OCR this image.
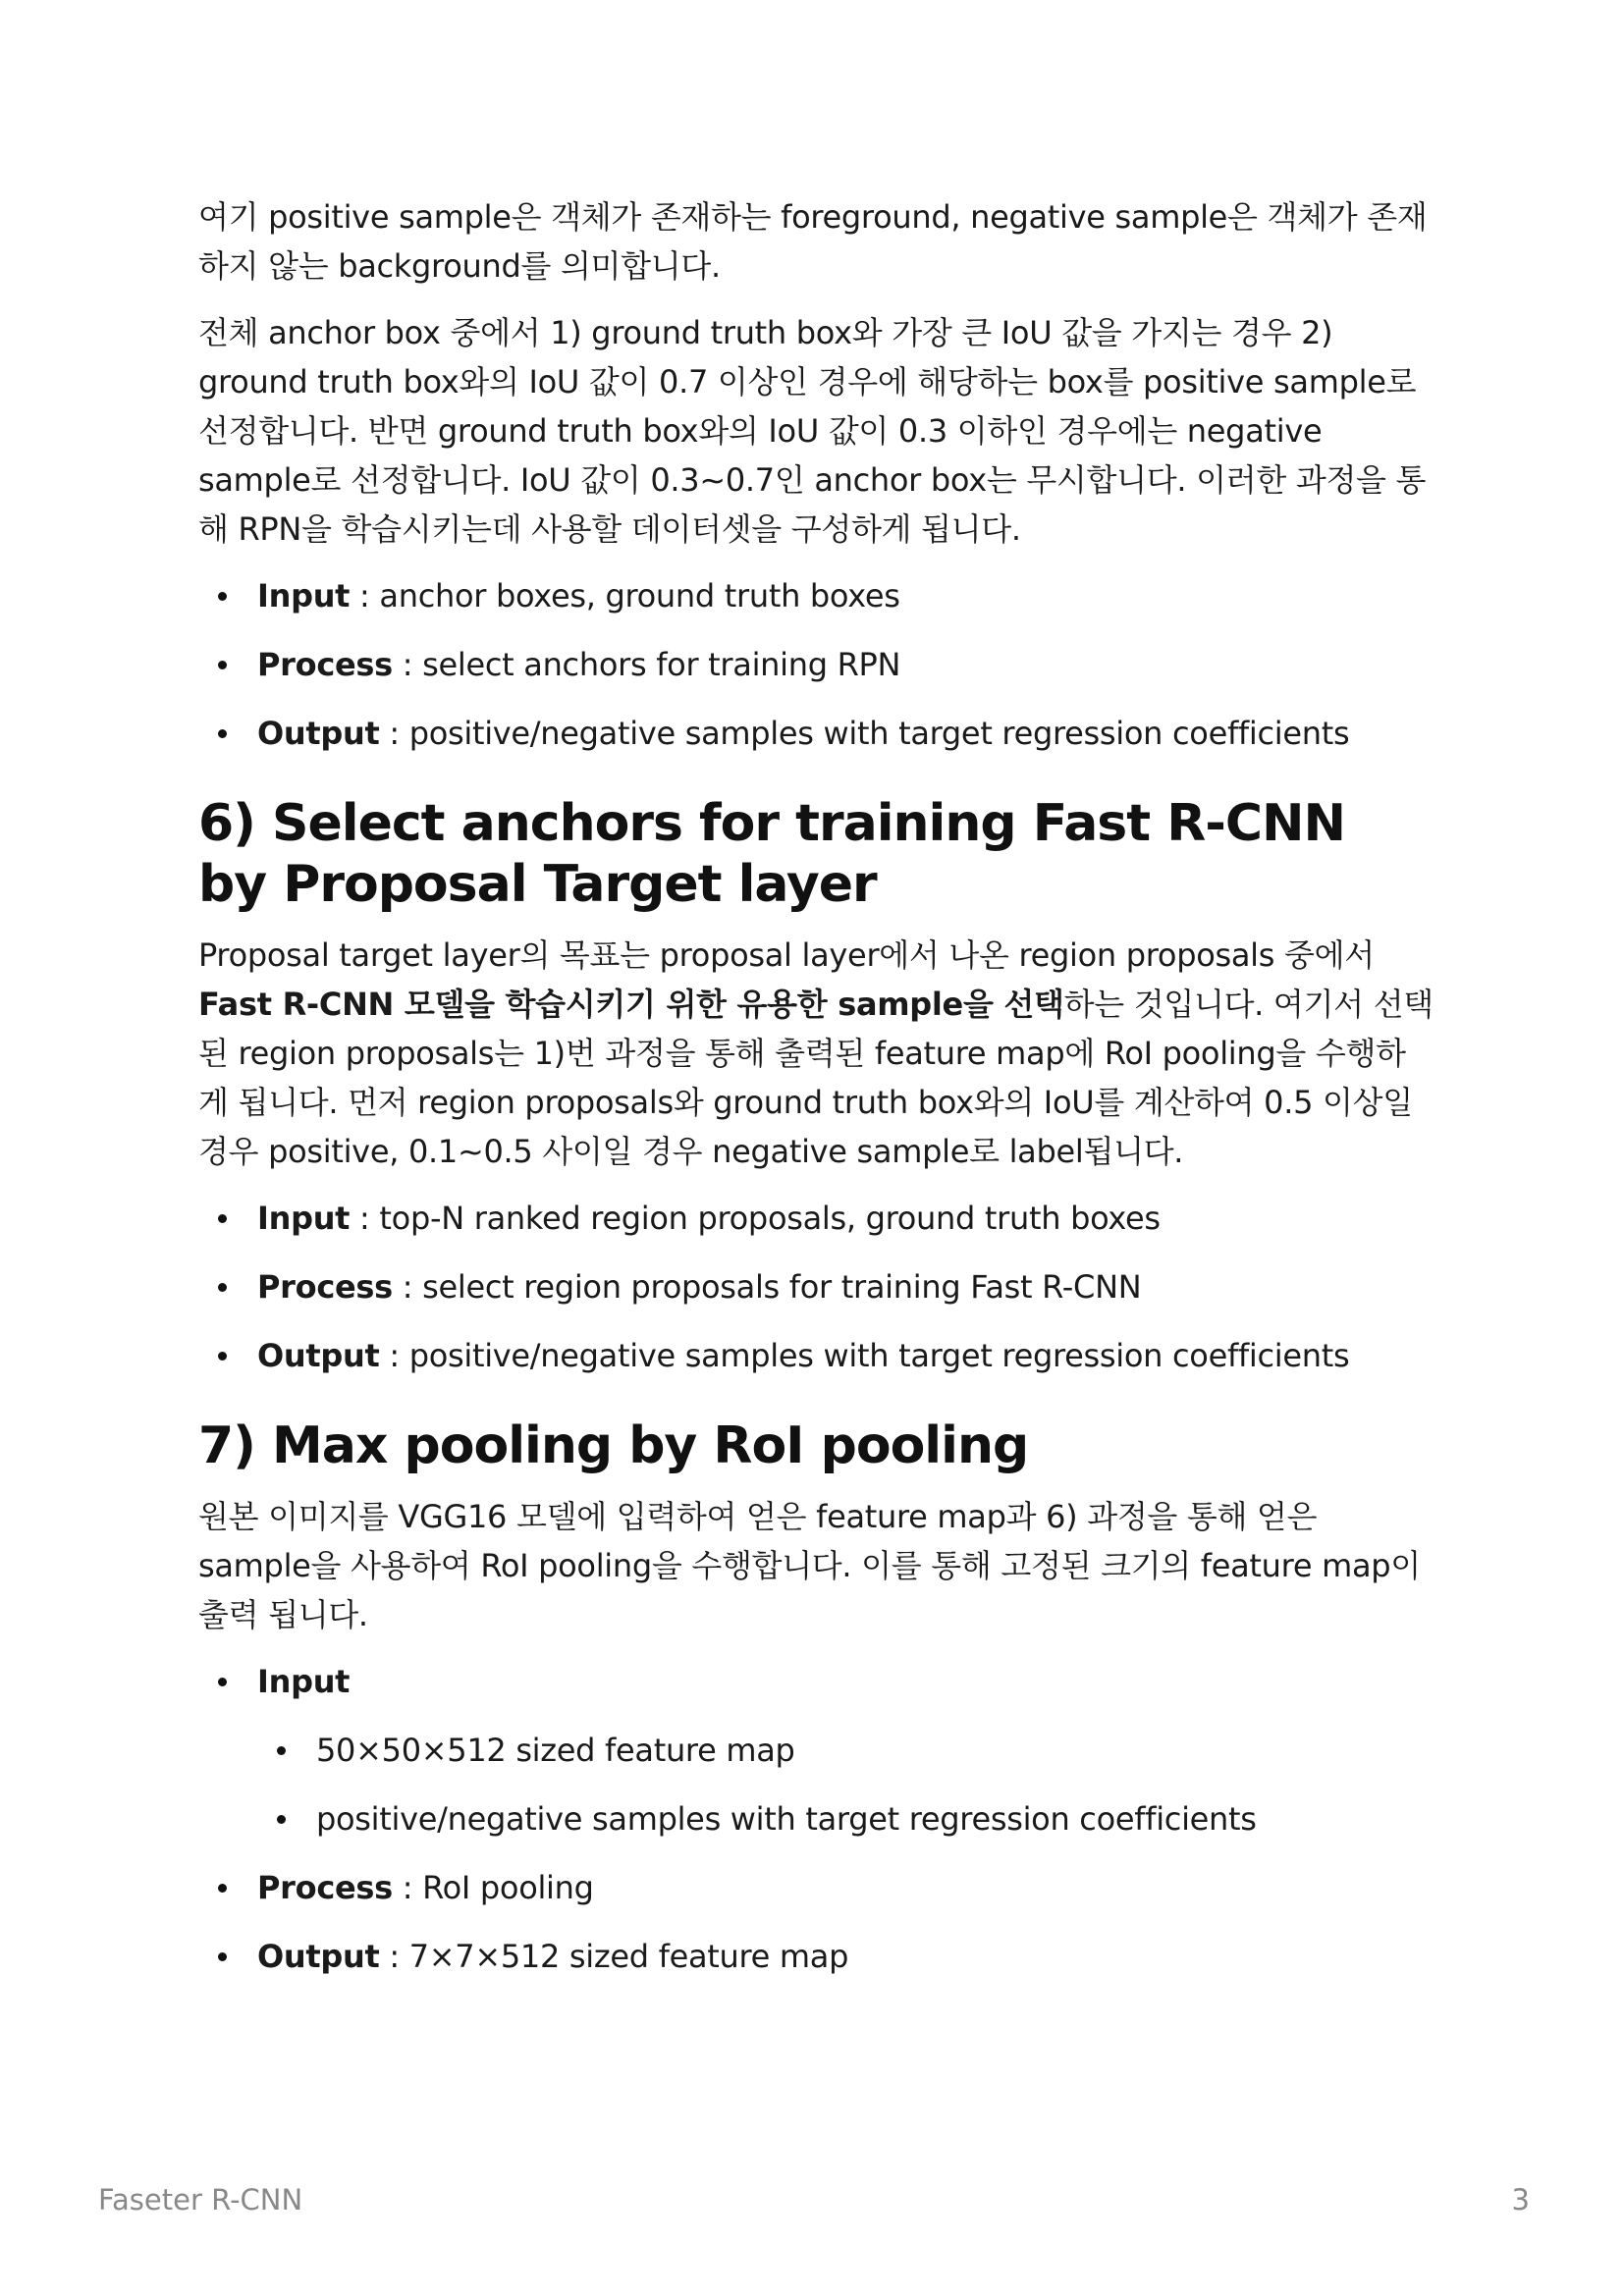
여기 positive sample은 객체가 존재하는 foreground, negative sample은 객체가 존재하지 않는 background를 의미합니다.

전체 anchor box 중에서 1) ground truth box와 가장 큰 IoU 값을 가지는 경우 2) ground truth box와의 IoU 값이 0.7 이상인 경우에 해당하는 box를 positive sample로 선정합니다. 반면 ground truth box와의 IoU 값이 0.3 이하인 경우에는 negative sample로 선정합니다. IoU 값이 0.3~0.7인 anchor box는 무시합니다. 이러한 과정을 통해 RPN을 학습시키는데 사용할 데이터셋을 구성하게 됩니다.

Input : anchor boxes, ground truth boxes
Process : select anchors for training RPN
Output : positive/negative samples with target regression coefficients
6) Select anchors for training Fast R-CNN
by Proposal Target layer

Proposal target layer의 목표는 proposal layer에서 나온 region proposals 중에서 Fast R-CNN 모델을 학습시키기 위한 유용한 sample을 선택하는 것입니다. 여기서 선택된 region proposals는 1)번 과정을 통해 출력된 feature map에 RoI pooling을 수행하게 됩니다. 먼저 region proposals와 ground truth box와의 IoU를 계산하여 0.5 이상일 경우 positive, 0.1~0.5 사이일 경우 negative sample로 label됩니다.

Input : top-N ranked region proposals, ground truth boxes
Process : select region proposals for training Fast R-CNN
Output : positive/negative samples with target regression coefficients
7) Max pooling by RoI pooling

원본 이미지를 VGG16 모델에 입력하여 얻은 feature map과 6) 과정을 통해 얻은 sample을 사용하여 RoI pooling을 수행합니다. 이를 통해 고정된 크기의 feature map이 출력 됩니다.

Input
50×50×512 sized feature map
positive/negative samples with target regression coefficients
Process : RoI pooling
Output : 7×7×512 sized feature map
Faseter R-CNN	3
